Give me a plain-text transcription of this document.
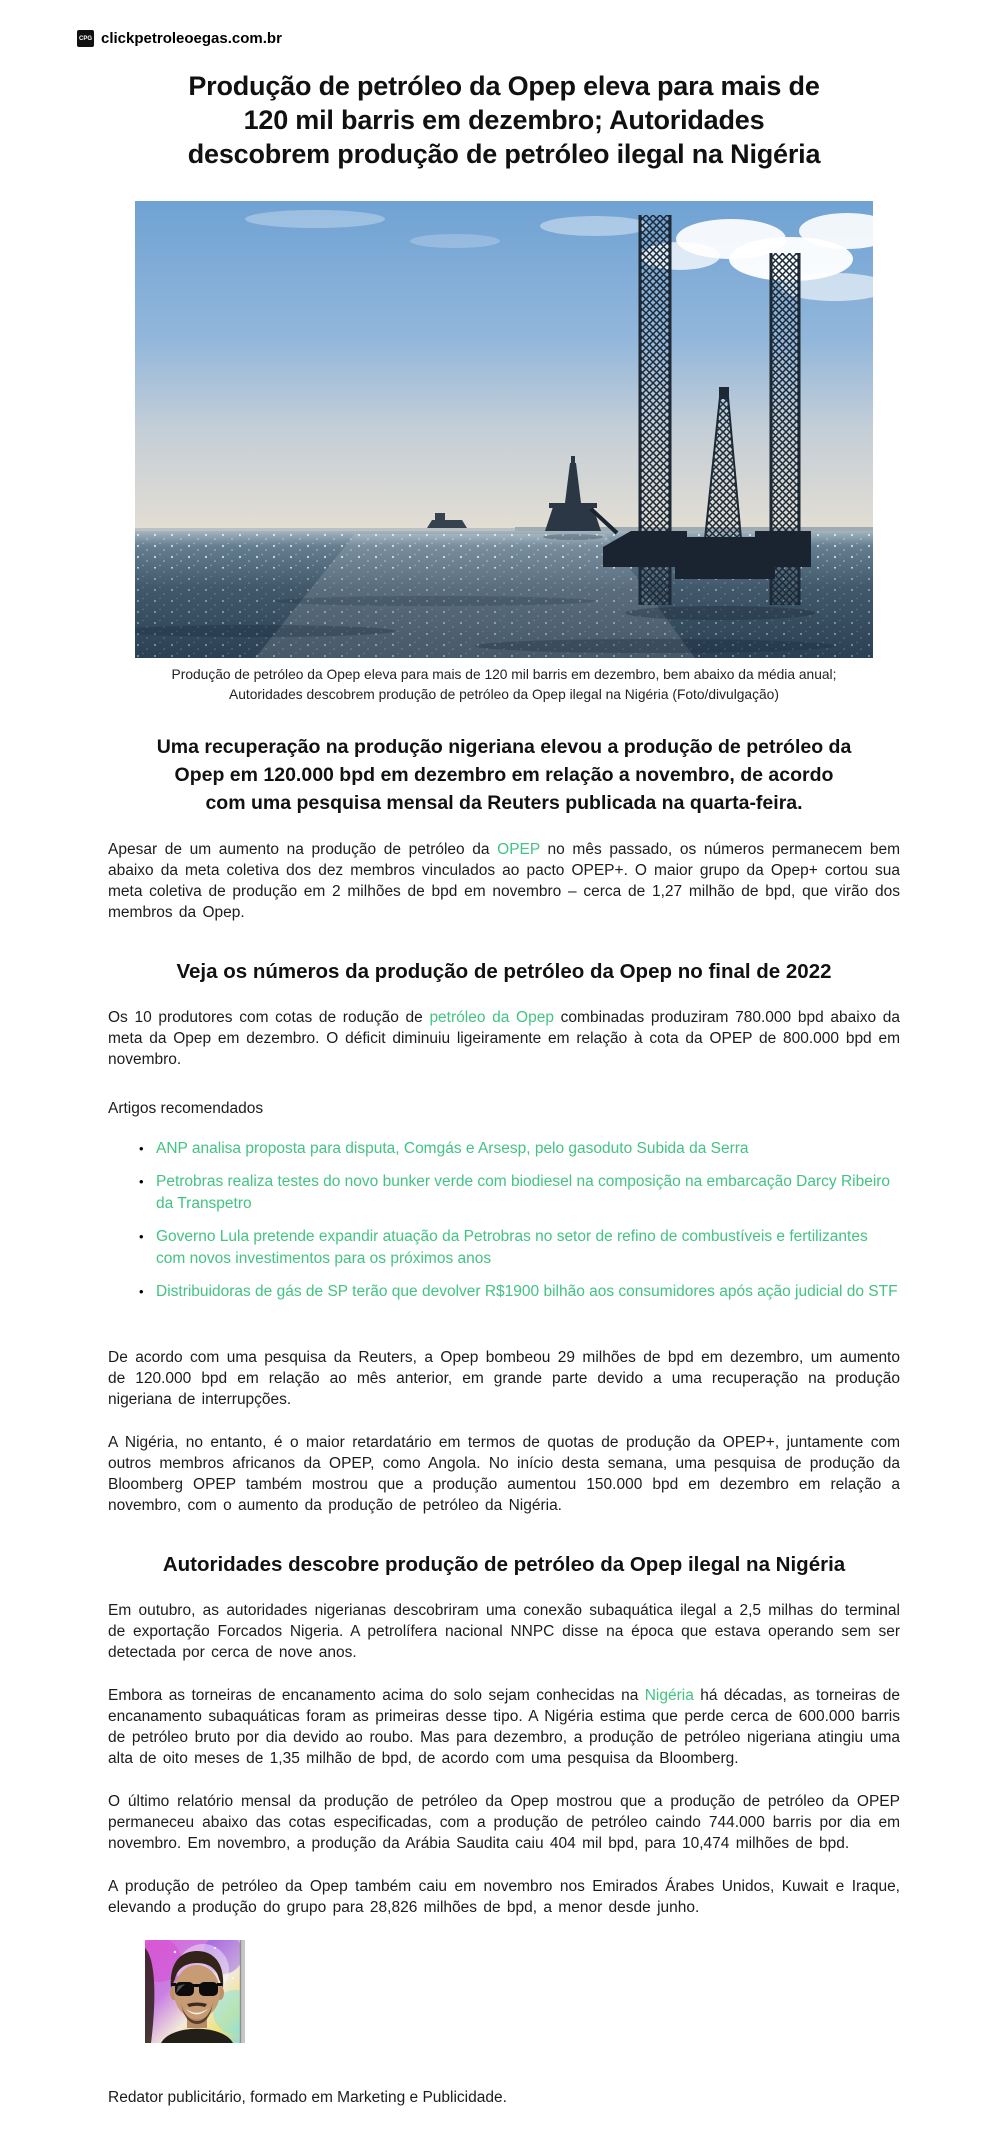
CPG clickpetroleoegas.com.br
Produção de petróleo da Opep eleva para mais de
120 mil barris em dezembro; Autoridades
descobrem produção de petróleo ilegal na Nigéria
Produção de petróleo da Opep eleva para mais de 120 mil barris em dezembro, bem abaixo da média anual; Autoridades descobrem produção de petróleo da Opep ilegal na Nigéria (Foto/divulgação)

Uma recuperação na produção nigeriana elevou a produção de petróleo da Opep em 120.000 bpd em dezembro em relação a novembro, de acordo com uma pesquisa mensal da Reuters publicada na quarta-feira.

Apesar de um aumento na produção de petróleo da OPEP no mês passado, os números permanecem bem abaixo da meta coletiva dos dez membros vinculados ao pacto OPEP+. O maior grupo da Opep+ cortou sua meta coletiva de produção em 2 milhões de bpd em novembro – cerca de 1,27 milhão de bpd, que virão dos membros da Opep.

Veja os números da produção de petróleo da Opep no final de 2022

Os 10 produtores com cotas de rodução de petróleo da Opep combinadas produziram 780.000 bpd abaixo da meta da Opep em dezembro. O déficit diminuiu ligeiramente em relação à cota da OPEP de 800.000 bpd em novembro.

Artigos recomendados

• ANP analisa proposta para disputa, Comgás e Arsesp, pelo gasoduto Subida da Serra
• Petrobras realiza testes do novo bunker verde com biodiesel na composição na embarcação Darcy Ribeiro da Transpetro
• Governo Lula pretende expandir atuação da Petrobras no setor de refino de combustíveis e fertilizantes com novos investimentos para os próximos anos
• Distribuidoras de gás de SP terão que devolver R$1900 bilhão aos consumidores após ação judicial do STF

De acordo com uma pesquisa da Reuters, a Opep bombeou 29 milhões de bpd em dezembro, um aumento de 120.000 bpd em relação ao mês anterior, em grande parte devido a uma recuperação na produção nigeriana de interrupções.

A Nigéria, no entanto, é o maior retardatário em termos de quotas de produção da OPEP+, juntamente com outros membros africanos da OPEP, como Angola. No início desta semana, uma pesquisa de produção da Bloomberg OPEP também mostrou que a produção aumentou 150.000 bpd em dezembro em relação a novembro, com o aumento da produção de petróleo da Nigéria.

Autoridades descobre produção de petróleo da Opep ilegal na Nigéria

Em outubro, as autoridades nigerianas descobriram uma conexão subaquática ilegal a 2,5 milhas do terminal de exportação Forcados Nigeria. A petrolífera nacional NNPC disse na época que estava operando sem ser detectada por cerca de nove anos.

Embora as torneiras de encanamento acima do solo sejam conhecidas na Nigéria há décadas, as torneiras de encanamento subaquáticas foram as primeiras desse tipo. A Nigéria estima que perde cerca de 600.000 barris de petróleo bruto por dia devido ao roubo. Mas para dezembro, a produção de petróleo nigeriana atingiu uma alta de oito meses de 1,35 milhão de bpd, de acordo com uma pesquisa da Bloomberg.

O último relatório mensal da produção de petróleo da Opep mostrou que a produção de petróleo da OPEP permaneceu abaixo das cotas especificadas, com a produção de petróleo caindo 744.000 barris por dia em novembro. Em novembro, a produção da Arábia Saudita caiu 404 mil bpd, para 10,474 milhões de bpd.

A produção de petróleo da Opep também caiu em novembro nos Emirados Árabes Unidos, Kuwait e Iraque, elevando a produção do grupo para 28,826 milhões de bpd, a menor desde junho.

Redator publicitário, formado em Marketing e Publicidade.
